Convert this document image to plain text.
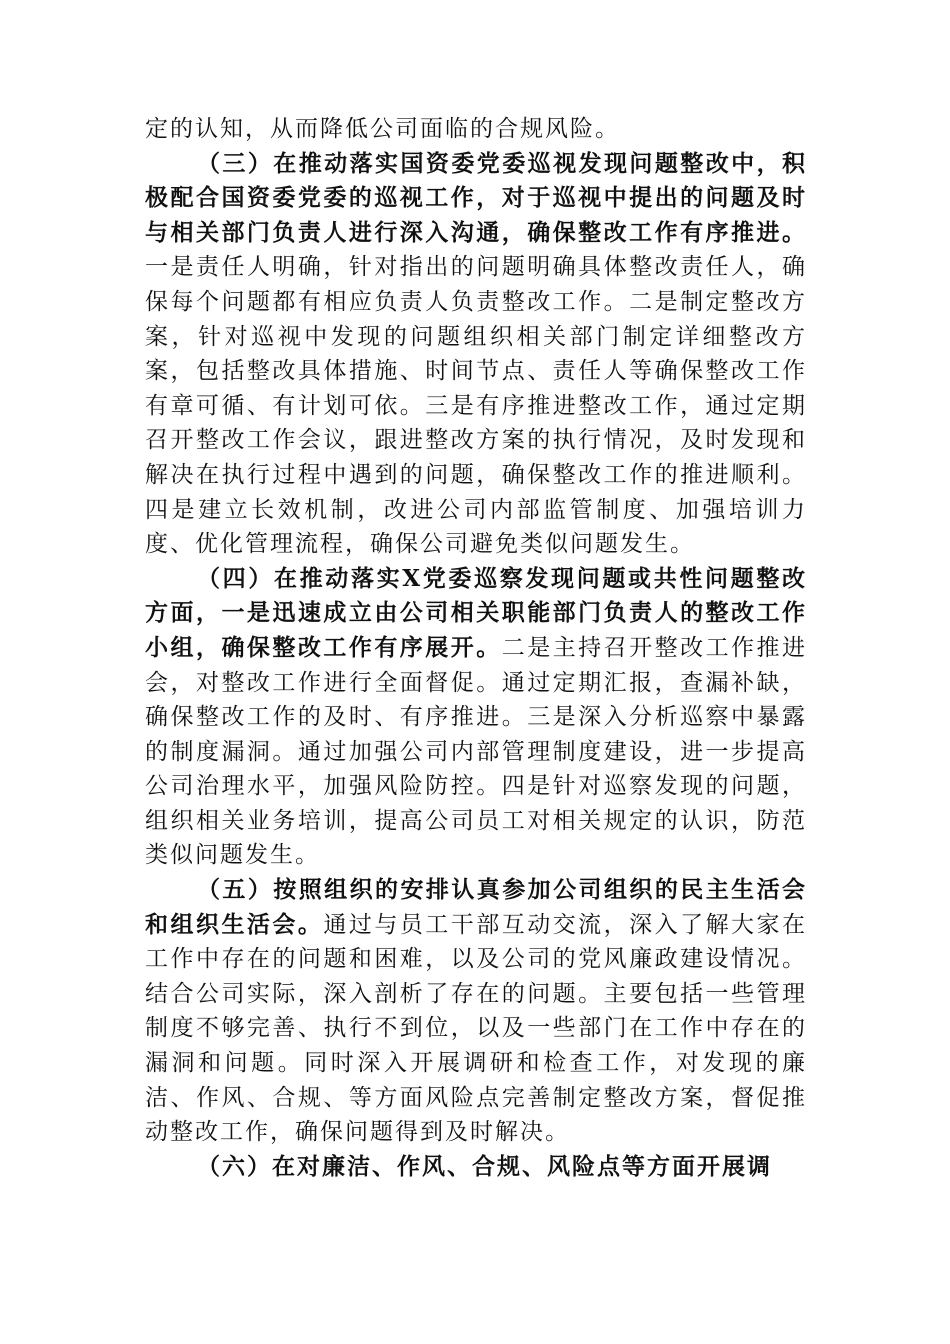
定的认知，从而降低公司面临的合规风险。

（三）在推动落实国资委党委巡视发现问题整改中，积极配合国资委党委的巡视工作，对于巡视中提出的问题及时与相关部门负责人进行深入沟通，确保整改工作有序推进。一是责任人明确，针对指出的问题明确具体整改责任人，确保每个问题都有相应负责人负责整改工作。二是制定整改方案，针对巡视中发现的问题组织相关部门制定详细整改方案，包括整改具体措施、时间节点、责任人等确保整改工作有章可循、有计划可依。三是有序推进整改工作，通过定期召开整改工作会议，跟进整改方案的执行情况，及时发现和解决在执行过程中遇到的问题，确保整改工作的推进顺利。四是建立长效机制，改进公司内部监管制度、加强培训力度、优化管理流程，确保公司避免类似问题发生。

（四）在推动落实X党委巡察发现问题或共性问题整改方面，一是迅速成立由公司相关职能部门负责人的整改工作小组，确保整改工作有序展开。二是主持召开整改工作推进会，对整改工作进行全面督促。通过定期汇报，查漏补缺，确保整改工作的及时、有序推进。三是深入分析巡察中暴露的制度漏洞。通过加强公司内部管理制度建设，进一步提高公司治理水平，加强风险防控。四是针对巡察发现的问题，组织相关业务培训，提高公司员工对相关规定的认识，防范类似问题发生。

（五）按照组织的安排认真参加公司组织的民主生活会和组织生活会。通过与员工干部互动交流，深入了解大家在工作中存在的问题和困难，以及公司的党风廉政建设情况。结合公司实际，深入剖析了存在的问题。主要包括一些管理制度不够完善、执行不到位，以及一些部门在工作中存在的漏洞和问题。同时深入开展调研和检查工作，对发现的廉洁、作风、合规、等方面风险点完善制定整改方案，督促推动整改工作，确保问题得到及时解决。

（六）在对廉洁、作风、合规、风险点等方面开展调
